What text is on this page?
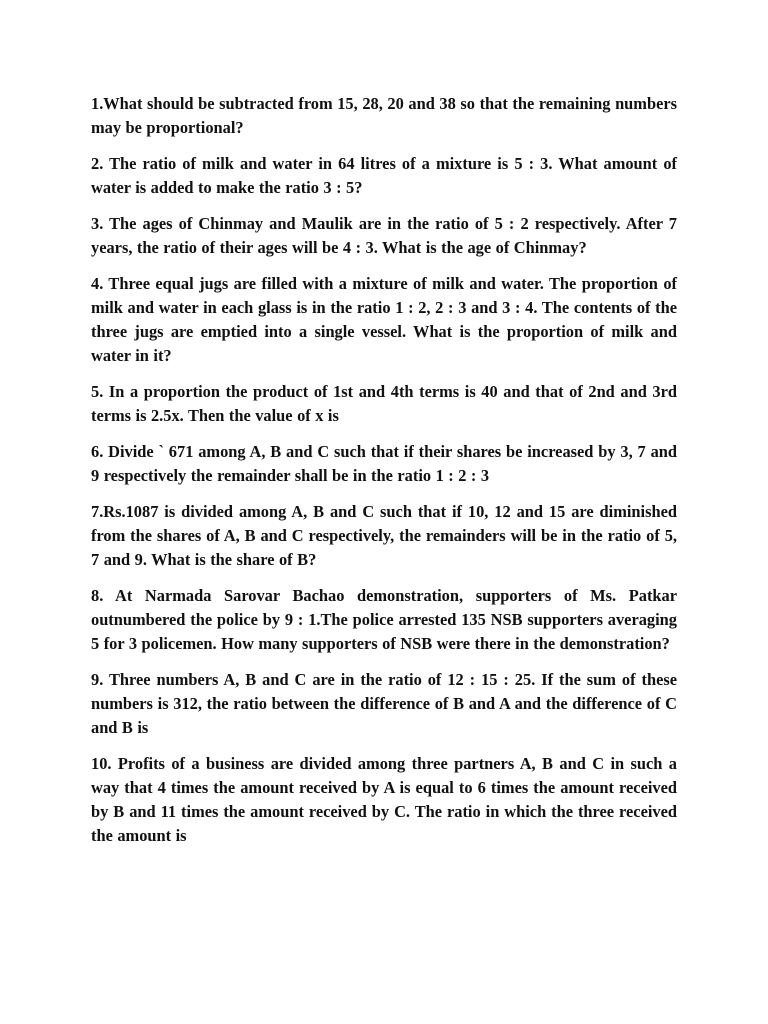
1.What should be subtracted from 15, 28, 20 and 38 so that the remaining numbers may be proportional?

2. The ratio of milk and water in 64 litres of a mixture is 5 : 3. What amount of water is added to make the ratio 3 : 5?

3. The ages of Chinmay and Maulik are in the ratio of 5 : 2 respectively. After 7 years, the ratio of their ages will be 4 : 3. What is the age of Chinmay?

4. Three equal jugs are filled with a mixture of milk and water. The proportion of milk and water in each glass is in the ratio 1 : 2, 2 : 3 and 3 : 4. The contents of the three jugs are emptied into a single vessel. What is the proportion of milk and water in it?

5. In a proportion the product of 1st and 4th terms is 40 and that of 2nd and 3rd terms is 2.5x. Then the value of x is

6. Divide ` 671 among A, B and C such that if their shares be increased by 3, 7 and 9 respectively the remainder shall be in the ratio 1 : 2 : 3

7.Rs.1087 is divided among A, B and C such that if 10, 12 and 15 are diminished from the shares of A, B and C respectively, the remainders will be in the ratio of 5, 7 and 9. What is the share of B?

8. At Narmada Sarovar Bachao demonstration, supporters of Ms. Patkar outnumbered the police by 9 : 1.The police arrested 135 NSB supporters averaging 5 for 3 policemen. How many supporters of NSB were there in the demonstration?

9. Three numbers A, B and C are in the ratio of 12 : 15 : 25. If the sum of these numbers is 312, the ratio between the difference of B and A and the difference of C and B is

10. Profits of a business are divided among three partners A, B and C in such a way that 4 times the amount received by A is equal to 6 times the amount received by B and 11 times the amount received by C. The ratio in which the three received the amount is
